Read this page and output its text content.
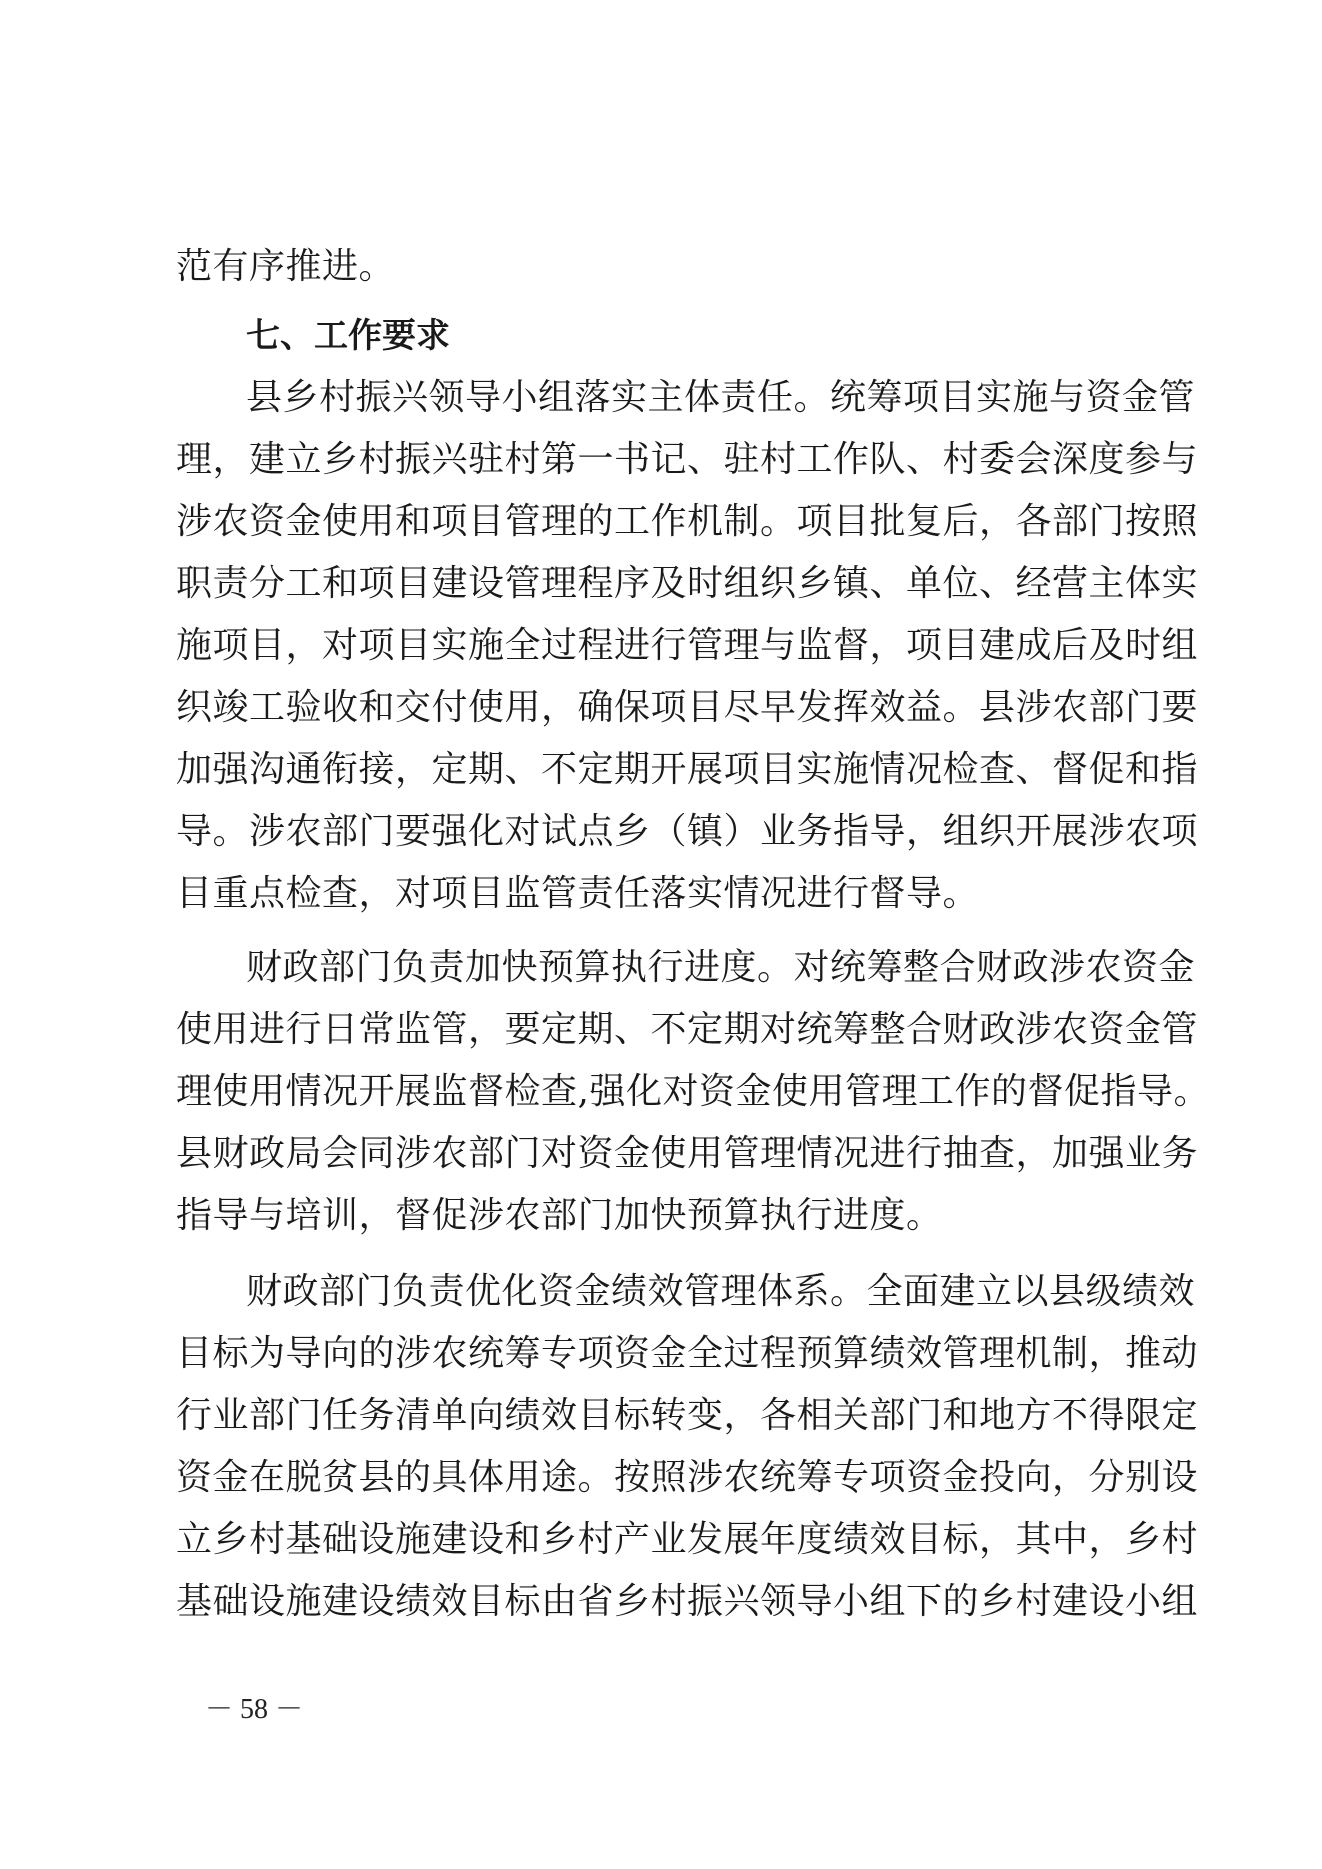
范有序推进。
七、工作要求
县乡村振兴领导小组落实主体责任。统筹项目实施与资金管
理，建立乡村振兴驻村第一书记、驻村工作队、村委会深度参与
涉农资金使用和项目管理的工作机制。项目批复后，各部门按照
职责分工和项目建设管理程序及时组织乡镇、单位、经营主体实
施项目，对项目实施全过程进行管理与监督，项目建成后及时组
织竣工验收和交付使用，确保项目尽早发挥效益。县涉农部门要
加强沟通衔接，定期、不定期开展项目实施情况检查、督促和指
导。涉农部门要强化对试点乡（镇）业务指导，组织开展涉农项
目重点检查，对项目监管责任落实情况进行督导。
财政部门负责加快预算执行进度。对统筹整合财政涉农资金
使用进行日常监管，要定期、不定期对统筹整合财政涉农资金管
理使用情况开展监督检查,强化对资金使用管理工作的督促指导。
县财政局会同涉农部门对资金使用管理情况进行抽查，加强业务
指导与培训，督促涉农部门加快预算执行进度。
财政部门负责优化资金绩效管理体系。全面建立以县级绩效
目标为导向的涉农统筹专项资金全过程预算绩效管理机制，推动
行业部门任务清单向绩效目标转变，各相关部门和地方不得限定
资金在脱贫县的具体用途。按照涉农统筹专项资金投向，分别设
立乡村基础设施建设和乡村产业发展年度绩效目标，其中，乡村
基础设施建设绩效目标由省乡村振兴领导小组下的乡村建设小组
－ 58 －
